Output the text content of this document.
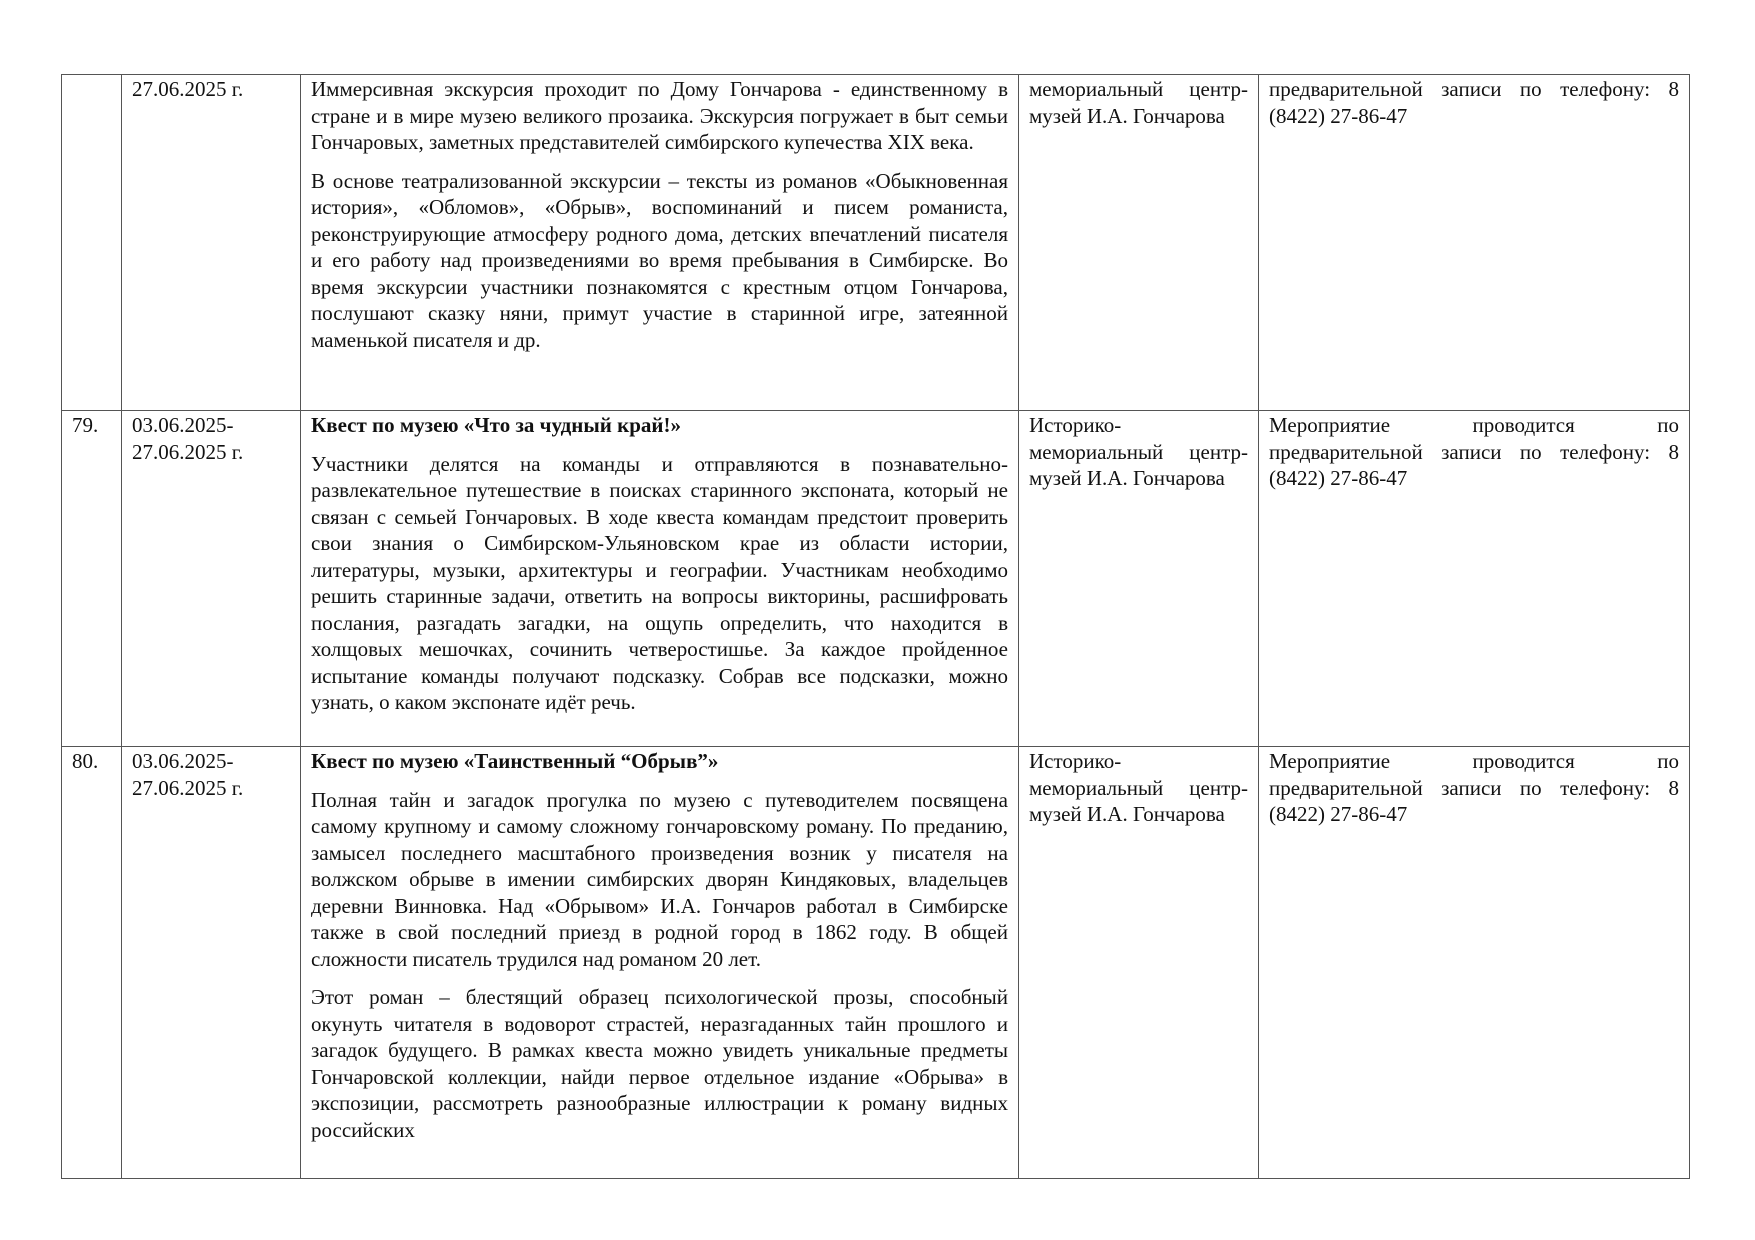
	27.06.2025 г.	Иммерсивная экскурсия проходит по Дому Гончарова - единственному в стране и в мире музею великого прозаика. Экскурсия погружает в быт семьи Гончаровых, заметных представителей симбирского купечества XIX века.

В основе театрализованной экскурсии – тексты из романов «Обыкновенная история», «Обломов», «Обрыв», воспоминаний и писем романиста, реконструирующие атмосферу родного дома, детских впечатлений писателя и его работу над произведениями во время пребывания в Симбирске. Во время экскурсии участники познакомятся с крестным отцом Гончарова, послушают сказку няни, примут участие в старинной игре, затеянной маменькой писателя и др.	мемориальный центр-музей И.А. Гончарова	предварительной записи по телефону: 8 (8422) 27-86-47

79.	03.06.2025-27.06.2025 г.	Квест по музею «Что за чудный край!»

Участники делятся на команды и отправляются в познавательно-развлекательное путешествие в поисках старинного экспоната, который не связан с семьей Гончаровых. В ходе квеста командам предстоит проверить свои знания о Симбирском-Ульяновском крае из области истории, литературы, музыки, архитектуры и географии. Участникам необходимо решить старинные задачи, ответить на вопросы викторины, расшифровать послания, разгадать загадки, на ощупь определить, что находится в холщовых мешочках, сочинить четверостишье. За каждое пройденное испытание команды получают подсказку. Собрав все подсказки, можно узнать, о каком экспонате идёт речь.	Историко-мемориальный центр-музей И.А. Гончарова	Мероприятие проводится по предварительной записи по телефону: 8 (8422) 27-86-47

80.	03.06.2025-27.06.2025 г.	Квест по музею «Таинственный “Обрыв”»

Полная тайн и загадок прогулка по музею с путеводителем посвящена самому крупному и самому сложному гончаровскому роману. По преданию, замысел последнего масштабного произведения возник у писателя на волжском обрыве в имении симбирских дворян Киндяковых, владельцев деревни Винновка. Над «Обрывом» И.А. Гончаров работал в Симбирске также в свой последний приезд в родной город в 1862 году. В общей сложности писатель трудился над романом 20 лет.

Этот роман – блестящий образец психологической прозы, способный окунуть читателя в водоворот страстей, неразгаданных тайн прошлого и загадок будущего. В рамках квеста можно увидеть уникальные предметы Гончаровской коллекции, найди первое отдельное издание «Обрыва» в экспозиции, рассмотреть разнообразные иллюстрации к роману видных российских	Историко-мемориальный центр-музей И.А. Гончарова	Мероприятие проводится по предварительной записи по телефону: 8 (8422) 27-86-47
